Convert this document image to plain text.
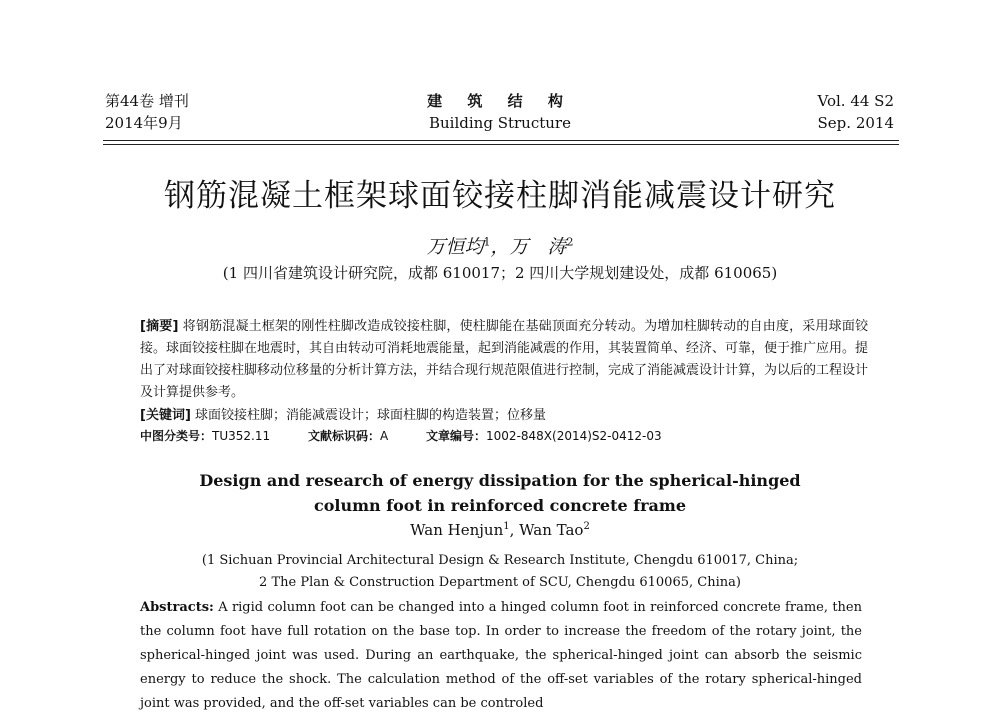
第44卷 增刊
2014年9月
建 筑 结 构
Building Structure
Vol. 44 S2
Sep. 2014
钢筋混凝土框架球面铰接柱脚消能减震设计研究
万恒均$^1$，万　涛$^2$
(1 四川省建筑设计研究院，成都 610017；2 四川大学规划建设处，成都 610065)
[摘要] 将钢筋混凝土框架的刚性柱脚改造成铰接柱脚，使柱脚能在基础顶面充分转动。为增加柱脚转动的自由度，采用球面铰接。球面铰接柱脚在地震时，其自由转动可消耗地震能量，起到消能减震的作用，其装置简单、经济、可靠，便于推广应用。提出了对球面铰接柱脚移动位移量的分析计算方法，并结合现行规范限值进行控制，完成了消能减震设计计算，为以后的工程设计及计算提供参考。
[关键词] 球面铰接柱脚；消能减震设计；球面柱脚的构造装置；位移量
中图分类号：TU352.11	文献标识码：A	文章编号：1002-848X(2014)S2-0412-03
Design and research of energy dissipation for the spherical-hinged
column foot in reinforced concrete frame
Wan Henjun$^1$, Wan Tao$^2$
(1 Sichuan Provincial Architectural Design & Research Institute, Chengdu 610017, China;
2 The Plan & Construction Department of SCU, Chengdu 610065, China)
Abstracts: A rigid column foot can be changed into a hinged column foot in reinforced concrete frame, then the column foot have full rotation on the base top. In order to increase the freedom of the rotary joint, the spherical-hinged joint was used. During an earthquake, the spherical-hinged joint can absorb the seismic energy to reduce the shock. The calculation method of the off-set variables of the rotary spherical-hinged joint was provided, and the off-set variables can be controled
